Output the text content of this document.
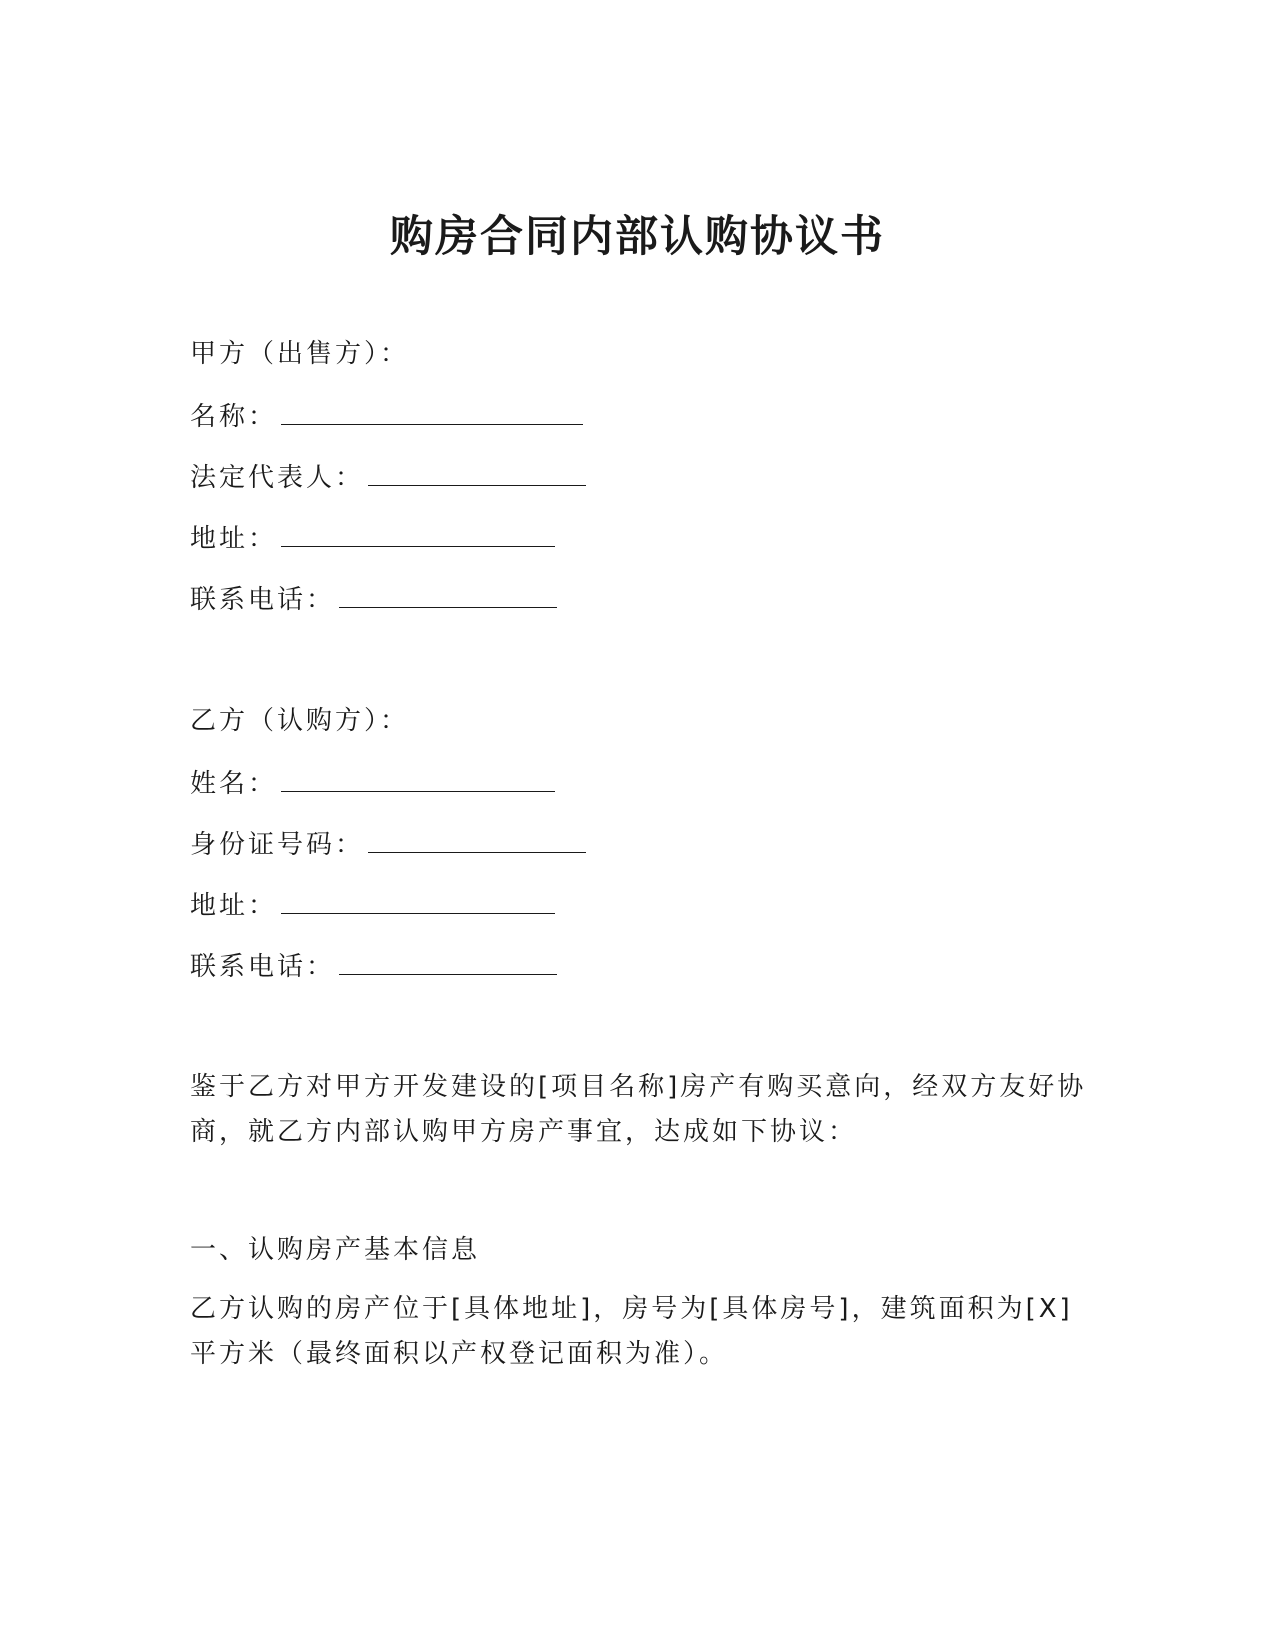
购房合同内部认购协议书
甲方（出售方）：
名称：
法定代表人：
地址：
联系电话：
乙方（认购方）：
姓名：
身份证号码：
地址：
联系电话：

鉴于乙方对甲方开发建设的[项目名称]房产有购买意向，经双方友好协商，就乙方内部认购甲方房产事宜，达成如下协议：

一、认购房产基本信息

乙方认购的房产位于[具体地址]，房号为[具体房号]，建筑面积为[X]平方米（最终面积以产权登记面积为准）。
